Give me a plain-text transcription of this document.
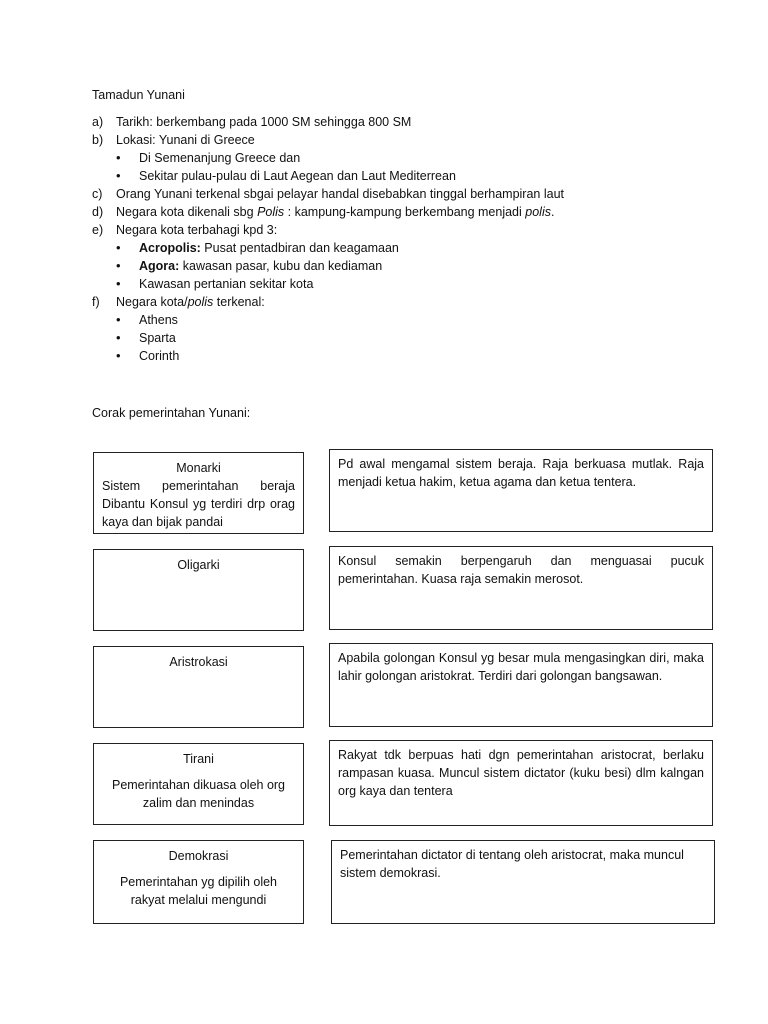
Tamadun Yunani
a) Tarikh: berkembang pada 1000 SM sehingga 800 SM
b) Lokasi: Yunani di Greece
• Di Semenanjung Greece dan
• Sekitar pulau-pulau di Laut Aegean dan Laut Mediterrean
c) Orang Yunani terkenal sbgai pelayar handal disebabkan tinggal berhampiran laut
d) Negara kota dikenali sbg Polis : kampung-kampung berkembang menjadi polis.
e) Negara kota terbahagi kpd 3:
• Acropolis: Pusat pentadbiran dan keagamaan
• Agora: kawasan pasar, kubu dan kediaman
• Kawasan pertanian sekitar kota
f) Negara kota/polis terkenal:
• Athens
• Sparta
• Corinth
Corak pemerintahan Yunani:
Monarki
Sistem pemerintahan beraja Dibantu Konsul yg terdiri drp orag kaya dan bijak pandai
Pd awal mengamal sistem beraja. Raja berkuasa mutlak. Raja menjadi ketua hakim, ketua agama dan ketua tentera.
Oligarki	Konsul semakin berpengaruh dan menguasai pucuk pemerintahan. Kuasa raja semakin merosot.
Aristrokasi	Apabila golongan Konsul yg besar mula mengasingkan diri, maka lahir golongan aristokrat. Terdiri dari golongan bangsawan.
Tirani
Pemerintahan dikuasa oleh org zalim dan menindas
Rakyat tdk berpuas hati dgn pemerintahan aristocrat, berlaku rampasan kuasa. Muncul sistem dictator (kuku besi) dlm kalngan org kaya dan tentera
Demokrasi
Pemerintahan yg dipilih oleh rakyat melalui mengundi
Pemerintahan dictator di tentang oleh aristocrat, maka muncul sistem demokrasi.
